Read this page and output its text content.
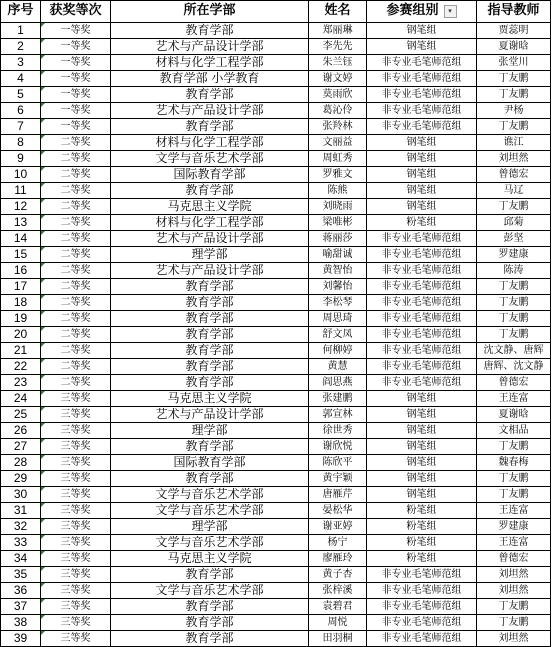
序号	获奖等次	所在学部	姓名	参赛组别 ▾	指导教师
1	一等奖	教育学部	郑丽琳	钢笔组	贾蕊明
2	一等奖	艺术与产品设计学部	李先先	钢笔组	夏谢晗
3	一等奖	材料与化学工程学部	朱兰钰	非专业毛笔师范组	张堂川
4	一等奖	教育学部 小学教育	谢文婷	非专业毛笔师范组	丁友鹏
5	一等奖	教育学部	莫雨欣	非专业毛笔师范组	丁友鹏
6	一等奖	艺术与产品设计学部	葛沁伶	非专业毛笔师范组	尹杨
7	一等奖	教育学部	张羚林	非专业毛笔师范组	丁友鹏
8	二等奖	材料与化学工程学部	文丽益	钢笔组	谯江
9	二等奖	文学与音乐艺术学部	周虹秀	钢笔组	刘坦然
10	二等奖	国际教育学部	罗雅文	钢笔组	曾德宏
11	二等奖	教育学部	陈熊	钢笔组	马辽
12	二等奖	马克思主义学院	刘晓雨	钢笔组	丁友鹏
13	二等奖	材料与化学工程学部	梁唯彬	粉笔组	邱菊
14	二等奖	艺术与产品设计学部	蒋丽莎	非专业毛笔师范组	彭坚
15	二等奖	理学部	喻甜诚	非专业毛笔师范组	罗建康
16	二等奖	艺术与产品设计学部	黄智怡	非专业毛笔师范组	陈涛
17	二等奖	教育学部	刘馨怡	非专业毛笔师范组	丁友鹏
18	二等奖	教育学部	李松琴	非专业毛笔师范组	丁友鹏
19	二等奖	教育学部	周思琦	非专业毛笔师范组	丁友鹏
20	二等奖	教育学部	舒文凤	非专业毛笔师范组	丁友鹏
21	二等奖	教育学部	何柳婷	非专业毛笔师范组	沈文静、唐辉
22	二等奖	教育学部	黄慧	非专业毛笔师范组	唐辉、沈文静
23	二等奖	教育学部	阎思燕	非专业毛笔师范组	曾德宏
24	三等奖	马克思主义学院	张建鹏	钢笔组	王连富
25	三等奖	艺术与产品设计学部	郭宣林	钢笔组	夏谢晗
26	三等奖	理学部	徐世秀	钢笔组	文相品
27	三等奖	教育学部	谢欣悦	钢笔组	丁友鹏
28	三等奖	国际教育学部	陈欣平	钢笔组	魏春梅
29	三等奖	教育学部	黄宇颖	钢笔组	丁友鹏
30	三等奖	文学与音乐艺术学部	唐雁芹	钢笔组	丁友鹏
31	三等奖	文学与音乐艺术学部	晏松华	粉笔组	王连富
32	三等奖	理学部	谢亚婷	粉笔组	罗建康
33	三等奖	文学与音乐艺术学部	杨宁	粉笔组	王连富
34	三等奖	马克思主义学院	廖雁玲	粉笔组	曾德宏
35	三等奖	教育学部	黄子杏	非专业毛笔师范组	刘坦然
36	三等奖	文学与音乐艺术学部	张梓溪	非专业毛笔师范组	刘坦然
37	三等奖	教育学部	袁碧君	非专业毛笔师范组	丁友鹏
38	三等奖	教育学部	周悦	非专业毛笔师范组	丁友鹏
39	三等奖	教育学部	田羽桐	非专业毛笔师范组	刘坦然
